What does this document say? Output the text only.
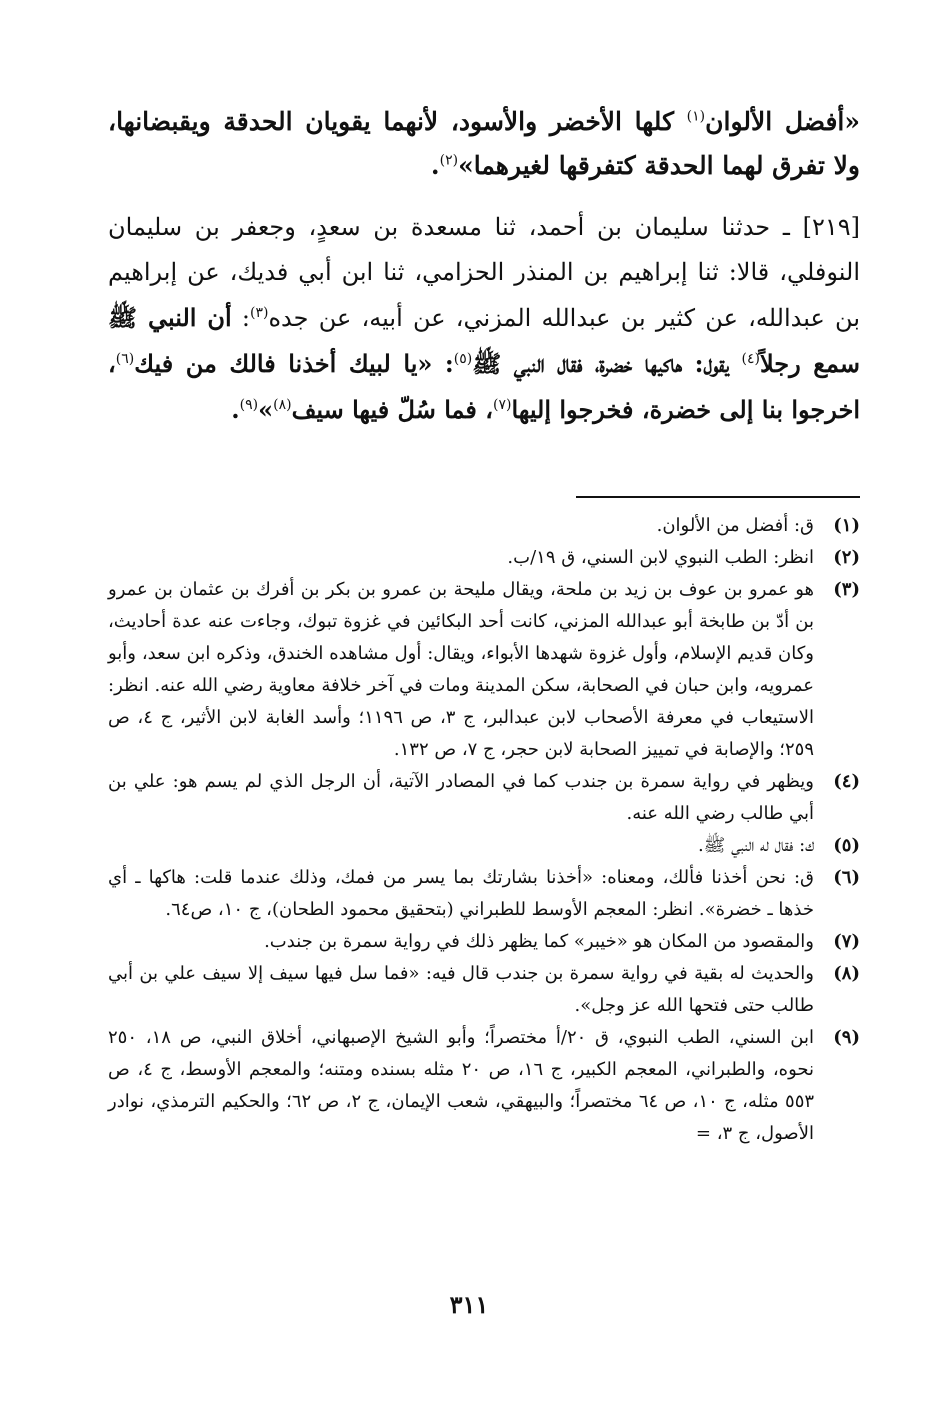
«أفضل الألوان$^{(١)}$ كلها الأخضر والأسود، لأنهما يقويان الحدقة ويقبضانها، ولا تفرق لهما الحدقة كتفرقها لغيرهما»$^{(٢)}$.

[٢١٩] ـ حدثنا سليمان بن أحمد، ثنا مسعدة بن سعدٍ، وجعفر بن سليمان النوفلي، قالا: ثنا إبراهيم بن المنذر الحزامي، ثنا ابن أبي فديك، عن إبراهيم بن عبدالله، عن كثير بن عبدالله المزني، عن أبيه، عن جده$^{(٣)}$: أن النبي ﷺ سمع رجلاً$^{(٤)}$ يقول: هاكيها خضرة، فقال النبي ﷺ$^{(٥)}$: «يا لبيك أخذنا فالك من فيك$^{(٦)}$، اخرجوا بنا إلى خضرة، فخرجوا إليها$^{(٧)}$، فما سُلّ فيها سيف$^{(٨)}$»$^{(٩)}$.

(١)
ق: أفضل من الألوان.
(٢)
انظر: الطب النبوي لابن السني، ق ١٩/ب.
(٣)
هو عمرو بن عوف بن زيد بن ملحة، ويقال مليحة بن عمرو بن بكر بن أفرك بن عثمان بن عمرو بن أدّ بن طابخة أبو عبدالله المزني، كانت أحد البكائين في غزوة تبوك، وجاءت عنه عدة أحاديث، وكان قديم الإسلام، وأول غزوة شهدها الأبواء، ويقال: أول مشاهده الخندق، وذكره ابن سعد، وأبو عمرويه، وابن حبان في الصحابة، سكن المدينة ومات في آخر خلافة معاوية رضي الله عنه. انظر: الاستيعاب في معرفة الأصحاب لابن عبدالبر، ج ٣، ص ١١٩٦؛ وأسد الغابة لابن الأثير، ج ٤، ص ٢٥٩؛ والإصابة في تمييز الصحابة لابن حجر، ج ٧، ص ١٣٢.
(٤)
ويظهر في رواية سمرة بن جندب كما في المصادر الآتية، أن الرجل الذي لم يسم هو: علي بن أبي طالب رضي الله عنه.
(٥)
ك: فقال له النبي ﷺ.
(٦)
ق: نحن أخذنا فألك، ومعناه: «أخذنا بشارتك بما يسر من فمك، وذلك عندما قلت: هاكها ـ أي خذها ـ خضرة». انظر: المعجم الأوسط للطبراني (بتحقيق محمود الطحان)، ج ١٠، ص٦٤.
(٧)
والمقصود من المكان هو «خيبر» كما يظهر ذلك في رواية سمرة بن جندب.
(٨)
والحديث له بقية في رواية سمرة بن جندب قال فيه: «فما سل فيها سيف إلا سيف علي بن أبي طالب حتى فتحها الله عز وجل».
(٩)
ابن السني، الطب النبوي، ق ٢٠/أ مختصراً؛ وأبو الشيخ الإصبهاني، أخلاق النبي، ص ١٨، ٢٥٠ نحوه، والطبراني، المعجم الكبير، ج ١٦، ص ٢٠ مثله بسنده ومتنه؛ والمعجم الأوسط، ج ٤، ص ٥٥٣ مثله، ج ١٠، ص ٦٤ مختصراً؛ والبيهقي، شعب الإيمان، ج ٢، ص ٦٢؛ والحكيم الترمذي، نوادر الأصول، ج ٣، =
٣١١
